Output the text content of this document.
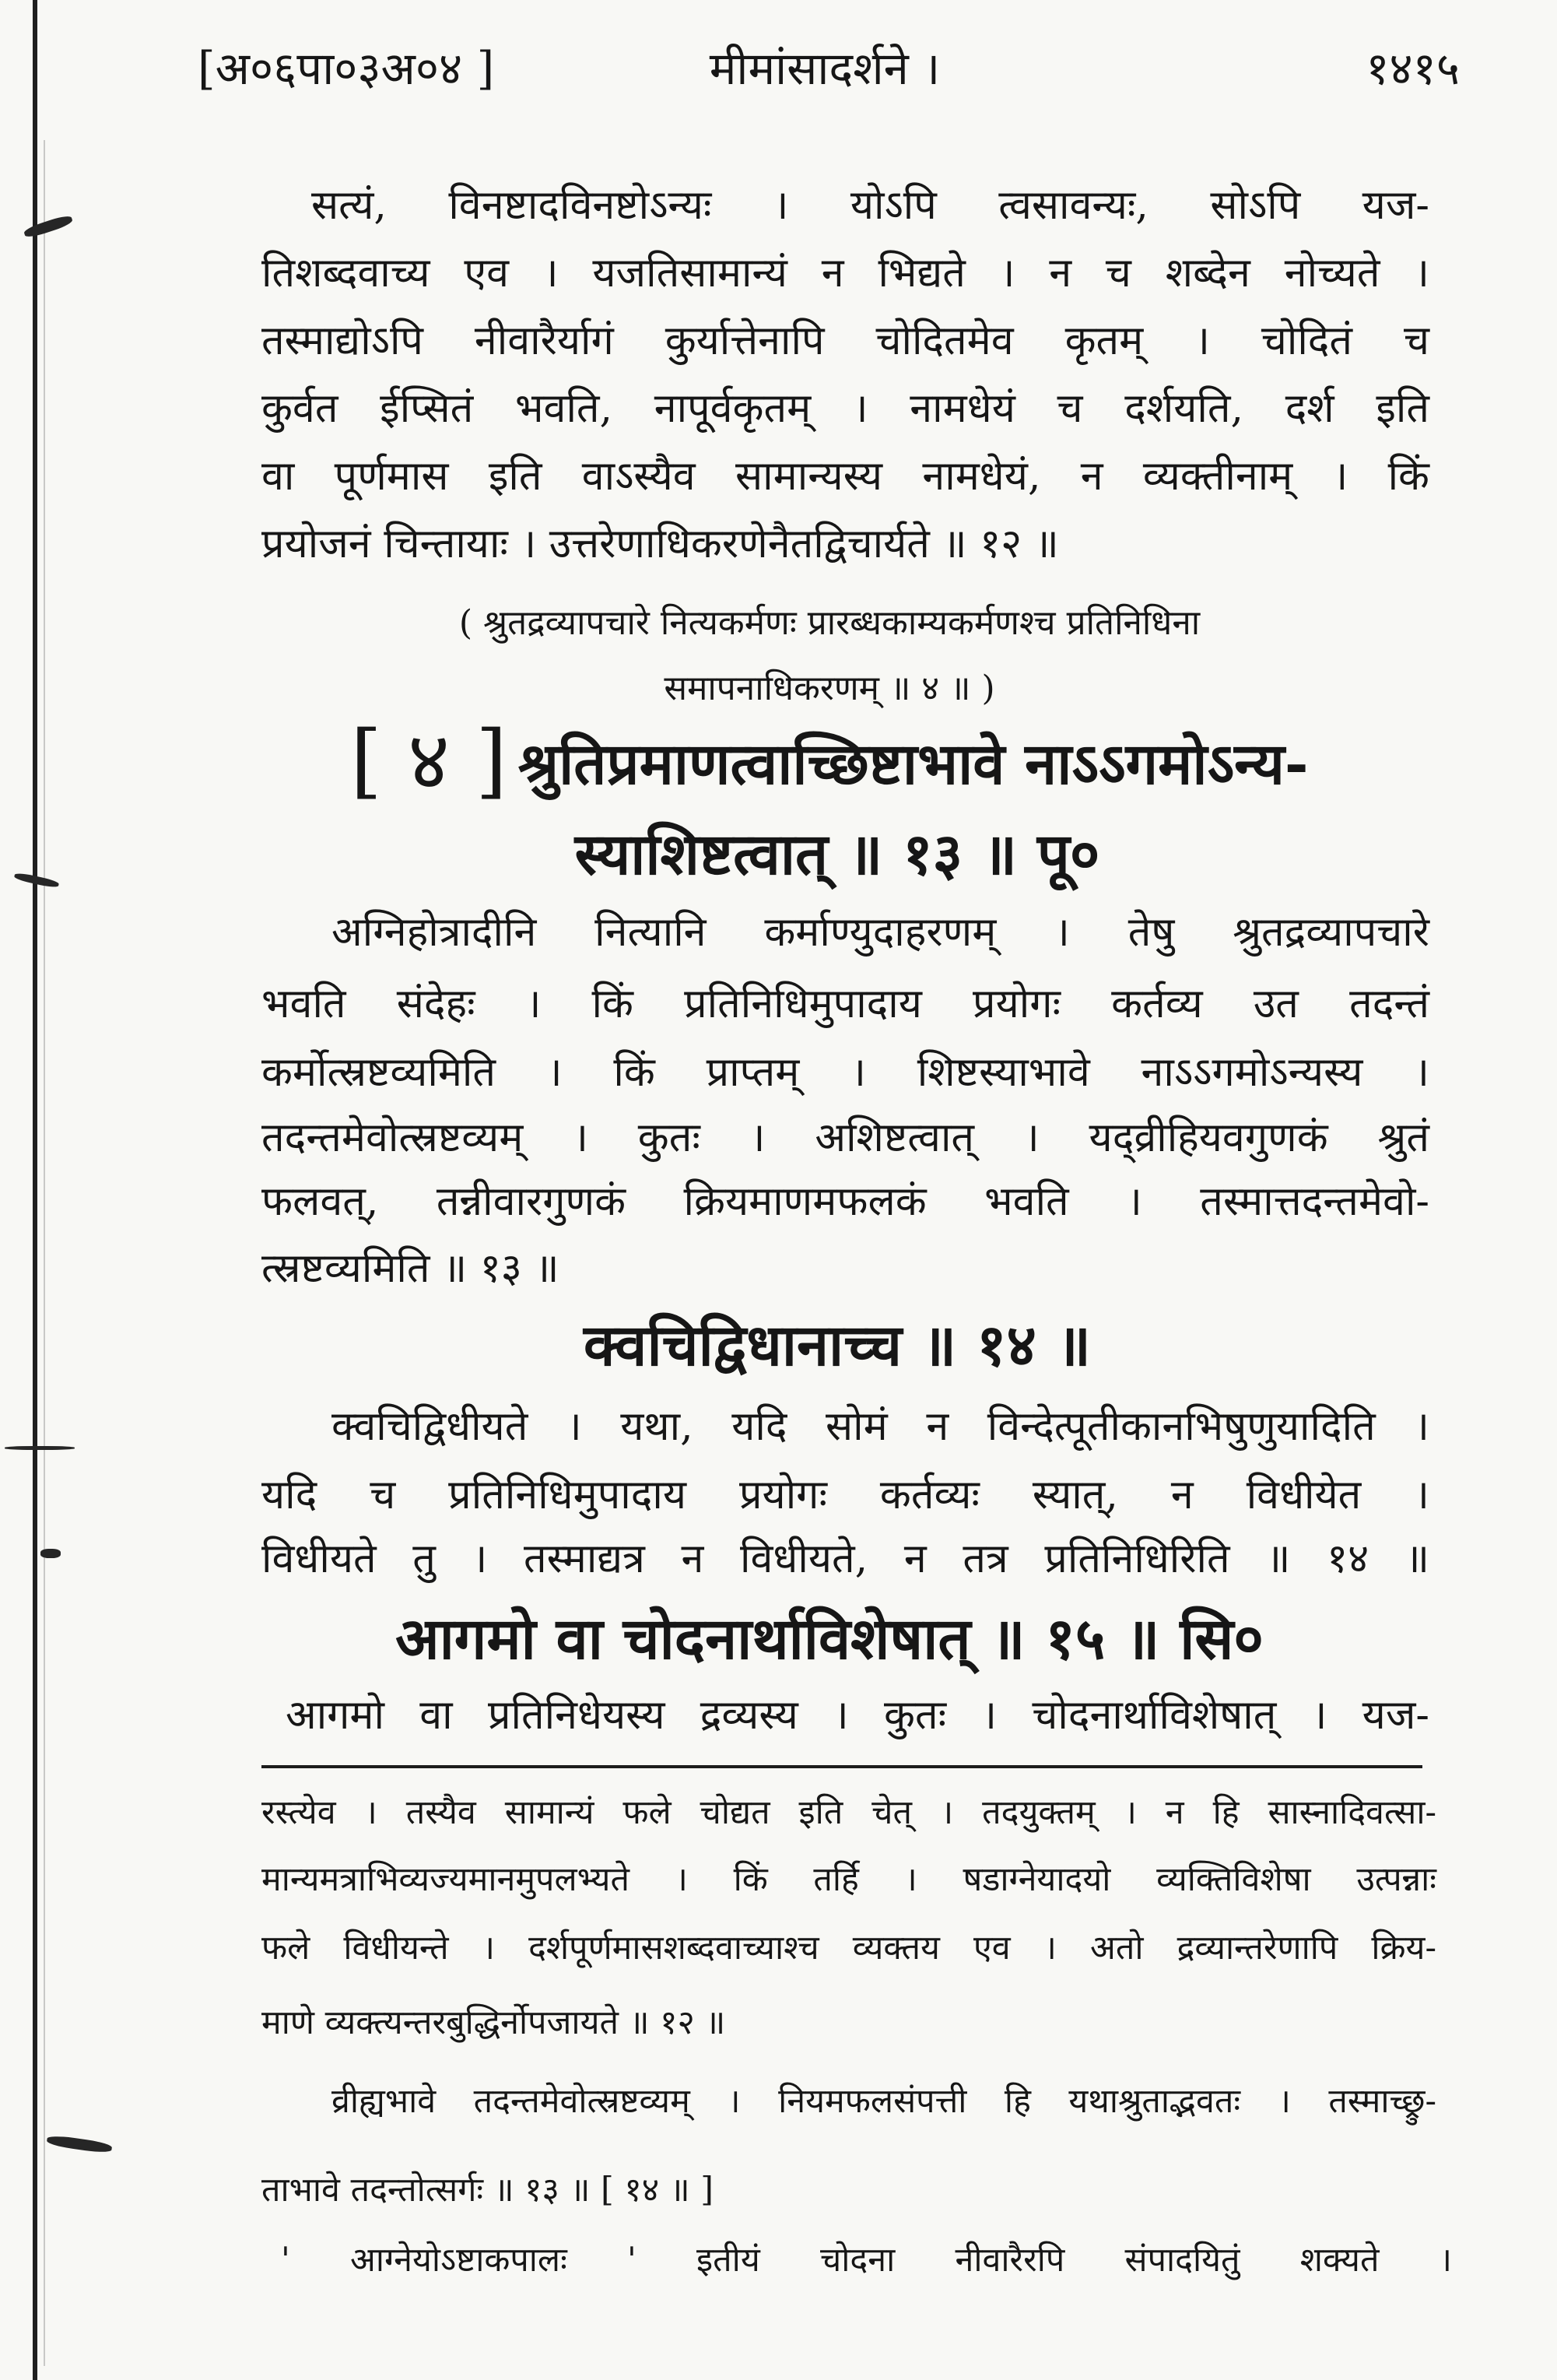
[अ०६पा०३अ०४ ]	मीमांसादर्शने ।	१४१५
सत्यं, विनष्टादविनष्टोऽन्यः । योऽपि त्वसावन्यः, सोऽपि यज-
तिशब्दवाच्य एव । यजतिसामान्यं न भिद्यते । न च शब्देन नोच्यते ।
तस्माद्योऽपि नीवारैर्यागं कुर्यात्तेनापि चोदितमेव कृतम् । चोदितं च
कुर्वत ईप्सितं भवति, नापूर्वकृतम् । नामधेयं च दर्शयति, दर्श इति
वा पूर्णमास इति वाऽस्यैव सामान्यस्य नामधेयं, न व्यक्तीनाम् । किं
प्रयोजनं चिन्तायाः । उत्तरेणाधिकरणेनैतद्विचार्यते ॥ १२ ॥
( श्रुतद्रव्यापचारे नित्यकर्मणः प्रारब्धकाम्यकर्मणश्च प्रतिनिधिना
समापनाधिकरणम् ॥ ४ ॥ )
[ ४ ] श्रुतिप्रमाणत्वाच्छिष्टाभावे नाऽऽगमोऽन्य-
स्याशिष्टत्वात् ॥ १३ ॥ पू०
अग्निहोत्रादीनि नित्यानि कर्माण्युदाहरणम् । तेषु श्रुतद्रव्यापचारे
भवति संदेहः । किं प्रतिनिधिमुपादाय प्रयोगः कर्तव्य उत तदन्तं
कर्मोत्स्रष्टव्यमिति । किं प्राप्तम् । शिष्टस्याभावे नाऽऽगमोऽन्यस्य ।
तदन्तमेवोत्स्रष्टव्यम् । कुतः । अशिष्टत्वात् । यद्व्रीहियवगुणकं श्रुतं
फलवत्, तन्नीवारगुणकं क्रियमाणमफलकं भवति । तस्मात्तदन्तमेवो-
त्स्रष्टव्यमिति ॥ १३ ॥
क्वचिद्विधानाच्च ॥ १४ ॥
क्वचिद्विधीयते । यथा, यदि सोमं न विन्देत्पूतीकानभिषुणुयादिति ।
यदि च प्रतिनिधिमुपादाय प्रयोगः कर्तव्यः स्यात्, न विधीयेत ।
विधीयते तु । तस्माद्यत्र न विधीयते, न तत्र प्रतिनिधिरिति ॥ १४ ॥
आगमो वा चोदनार्थाविशेषात् ॥ १५ ॥ सि०
आगमो वा प्रतिनिधेयस्य द्रव्यस्य । कुतः । चोदनार्थाविशेषात् । यज-
रस्त्येव । तस्यैव सामान्यं फले चोद्यत इति चेत् । तदयुक्तम् । न हि सास्नादिवत्सा-
मान्यमत्राभिव्यज्यमानमुपलभ्यते । किं तर्हि । षडाग्नेयादयो व्यक्तिविशेषा उत्पन्नाः
फले विधीयन्ते । दर्शपूर्णमासशब्दवाच्याश्च व्यक्तय एव । अतो द्रव्यान्तरेणापि क्रिय-
माणे व्यक्त्यन्तरबुद्धिर्नोपजायते ॥ १२ ॥
व्रीह्यभावे तदन्तमेवोत्स्रष्टव्यम् । नियमफलसंपत्ती हि यथाश्रुताद्भवतः । तस्माच्छ्रु-
ताभावे तदन्तोत्सर्गः ॥ १३ ॥ [ १४ ॥ ]
' आग्नेयोऽष्टाकपालः ' इतीयं चोदना नीवारैरपि संपादयितुं शक्यते ।
